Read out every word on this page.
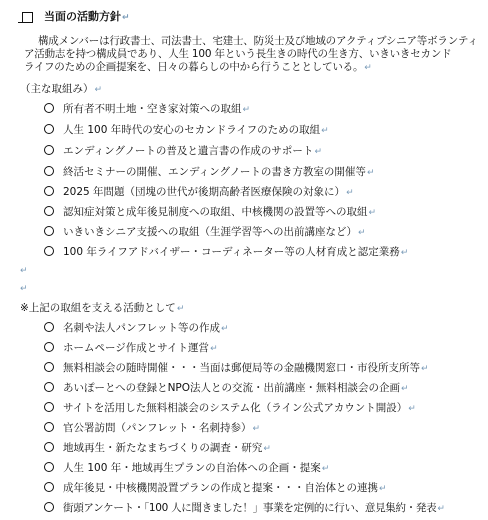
当面の活動方針↵
構成メンバーは行政書士、司法書士、宅建士、防災士及び地域のアクティブシニア等ボランティ
ア活動志を持つ構成員であり、人生 100 年という長生きの時代の生き方、いきいきセカンド
ライフのための企画提案を、日々の暮らしの中から行うこととしている。↵
（主な取組み）↵
所有者不明土地・空き家対策への取組↵
人生 100 年時代の安心のセカンドライフのための取組↵
エンディングノートの普及と遺言書の作成のサポート↵
終活セミナーの開催、エンディングノートの書き方教室の開催等↵
2025 年問題（団塊の世代が後期高齢者医療保険の対象に）↵
認知症対策と成年後見制度への取組、中核機関の設置等への取組↵
いきいきシニア支援への取組（生涯学習等への出前講座など）↵
100 年ライフアドバイザー・コーディネーター等の人材育成と認定業務↵
↵
↵
※上記の取組を支える活動として↵
名刺や法人パンフレット等の作成↵
ホームページ作成とサイト運営↵
無料相談会の随時開催・・・当面は郵便局等の金融機関窓口・市役所支所等↵
あいぽーとへの登録とNPO法人との交流・出前講座・無料相談会の企画↵
サイトを活用した無料相談会のシステム化（ライン公式アカウント開設）↵
官公署訪問（パンフレット・名刺持参）↵
地域再生・新たなまちづくりの調査・研究↵
人生 100 年・地域再生プランの自治体への企画・提案↵
成年後見・中核機関設置プランの作成と提案・・・自治体との連携↵
街頭アンケート・「100 人に聞きました！」事業を定例的に行い、意見集約・発表↵
